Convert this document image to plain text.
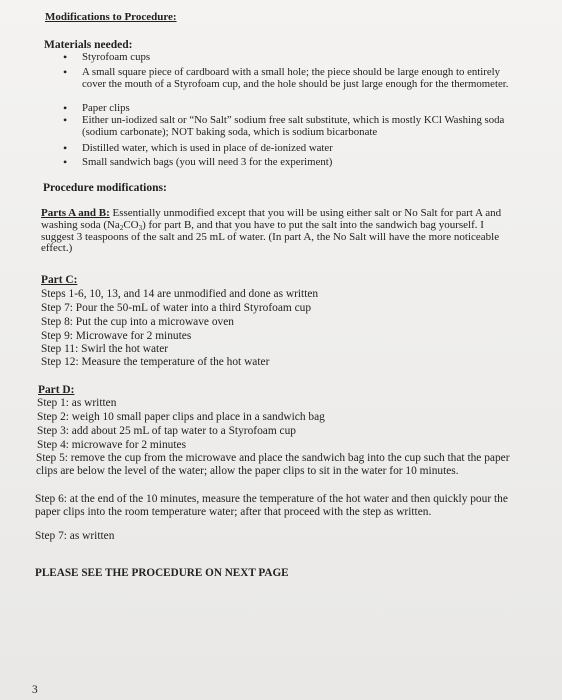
Modifications to Procedure:
Materials needed:
• Styrofoam cups
• A small square piece of cardboard with a small hole; the piece should be large enough to entirely cover the mouth of a Styrofoam cup, and the hole should be just large enough for the thermometer.
• Paper clips
• Either un-iodized salt or “No Salt” sodium free salt substitute, which is mostly KCl Washing soda (sodium carbonate); NOT baking soda, which is sodium bicarbonate
• Distilled water, which is used in place of de-ionized water
• Small sandwich bags (you will need 3 for the experiment)
Procedure modifications:
Parts A and B: Essentially unmodified except that you will be using either salt or No Salt for part A and washing soda $(Na_2CO_3)$ for part B, and that you have to put the salt into the sandwich bag yourself. I suggest 3 teaspoons of the salt and 25 mL of water. (In part A, the No Salt will have the more noticeable effect.)
Part C:
Steps 1-6, 10, 13, and 14 are unmodified and done as written
Step 7: Pour the 50-mL of water into a third Styrofoam cup
Step 8: Put the cup into a microwave oven
Step 9: Microwave for 2 minutes
Step 11: Swirl the hot water
Step 12: Measure the temperature of the hot water
Part D:
Step 1: as written
Step 2: weigh 10 small paper clips and place in a sandwich bag
Step 3: add about 25 mL of tap water to a Styrofoam cup
Step 4: microwave for 2 minutes
Step 5: remove the cup from the microwave and place the sandwich bag into the cup such that the paper clips are below the level of the water; allow the paper clips to sit in the water for 10 minutes.
Step 6: at the end of the 10 minutes, measure the temperature of the hot water and then quickly pour the paper clips into the room temperature water; after that proceed with the step as written.
Step 7: as written
PLEASE SEE THE PROCEDURE ON NEXT PAGE
3
